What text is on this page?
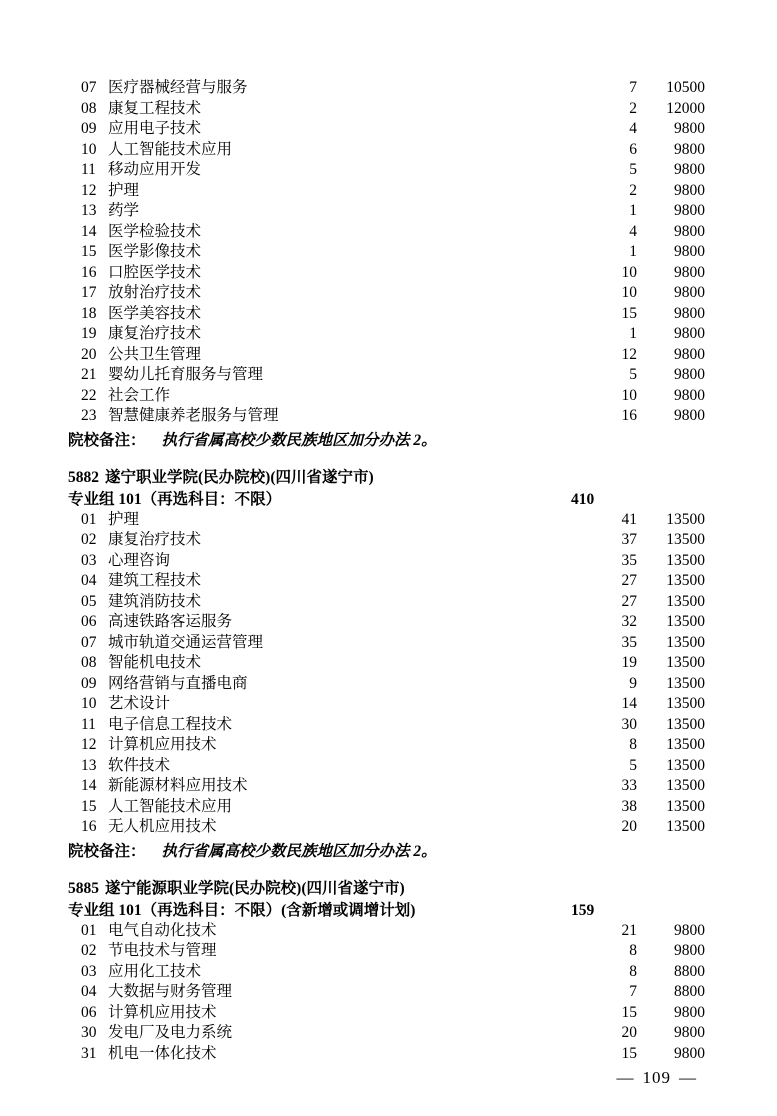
07 医疗器械经营与服务	7	10500
08 康复工程技术	2	12000
09 应用电子技术	4	9800
10 人工智能技术应用	6	9800
11 移动应用开发	5	9800
12 护理	2	9800
13 药学	1	9800
14 医学检验技术	4	9800
15 医学影像技术	1	9800
16 口腔医学技术	10	9800
17 放射治疗技术	10	9800
18 医学美容技术	15	9800
19 康复治疗技术	1	9800
20 公共卫生管理	12	9800
21 婴幼儿托育服务与管理	5	9800
22 社会工作	10	9800
23 智慧健康养老服务与管理	16	9800
院校备注： 执行省属高校少数民族地区加分办法 2。
5882 遂宁职业学院(民办院校)(四川省遂宁市)
专业组 101（再选科目：不限）	410
01 护理	41	13500
02 康复治疗技术	37	13500
03 心理咨询	35	13500
04 建筑工程技术	27	13500
05 建筑消防技术	27	13500
06 高速铁路客运服务	32	13500
07 城市轨道交通运营管理	35	13500
08 智能机电技术	19	13500
09 网络营销与直播电商	9	13500
10 艺术设计	14	13500
11 电子信息工程技术	30	13500
12 计算机应用技术	8	13500
13 软件技术	5	13500
14 新能源材料应用技术	33	13500
15 人工智能技术应用	38	13500
16 无人机应用技术	20	13500
院校备注： 执行省属高校少数民族地区加分办法 2。
5885 遂宁能源职业学院(民办院校)(四川省遂宁市)
专业组 101（再选科目：不限）(含新增或调增计划)	159
01 电气自动化技术	21	9800
02 节电技术与管理	8	9800
03 应用化工技术	8	8800
04 大数据与财务管理	7	8800
06 计算机应用技术	15	9800
30 发电厂及电力系统	20	9800
31 机电一体化技术	15	9800
— 109 —
